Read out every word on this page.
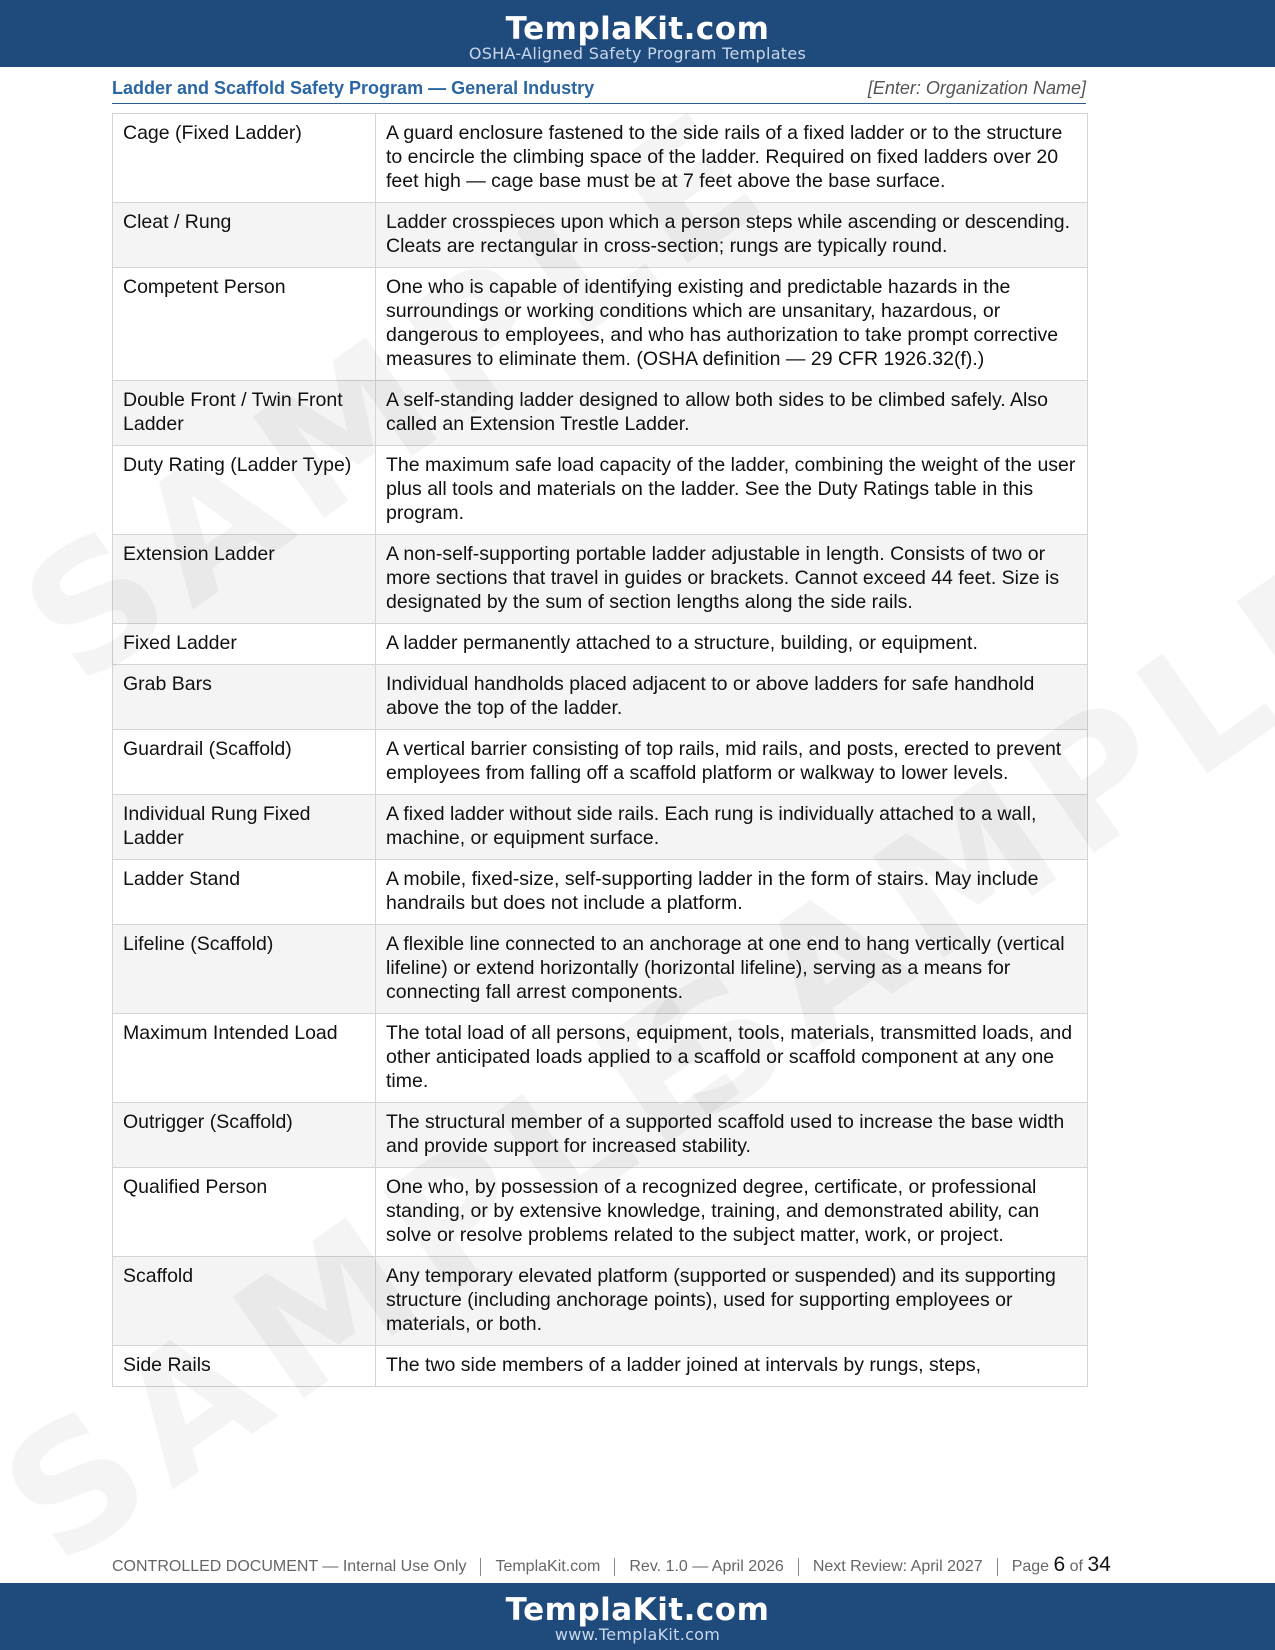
TemplaKit.com
OSHA-Aligned Safety Program Templates
Ladder and Scaffold Safety Program — General Industry	[Enter: Organization Name]
Cage (Fixed Ladder)	A guard enclosure fastened to the side rails of a fixed ladder or to the structure to encircle the climbing space of the ladder. Required on fixed ladders over 20 feet high — cage base must be at 7 feet above the base surface.
Cleat / Rung	Ladder crosspieces upon which a person steps while ascending or descending. Cleats are rectangular in cross-section; rungs are typically round.
Competent Person	One who is capable of identifying existing and predictable hazards in the surroundings or working conditions which are unsanitary, hazardous, or dangerous to employees, and who has authorization to take prompt corrective measures to eliminate them. (OSHA definition — 29 CFR 1926.32(f).)
Double Front / Twin Front Ladder	A self-standing ladder designed to allow both sides to be climbed safely. Also called an Extension Trestle Ladder.
Duty Rating (Ladder Type)	The maximum safe load capacity of the ladder, combining the weight of the user plus all tools and materials on the ladder. See the Duty Ratings table in this program.
Extension Ladder	A non-self-supporting portable ladder adjustable in length. Consists of two or more sections that travel in guides or brackets. Cannot exceed 44 feet. Size is designated by the sum of section lengths along the side rails.
Fixed Ladder	A ladder permanently attached to a structure, building, or equipment.
Grab Bars	Individual handholds placed adjacent to or above ladders for safe handhold above the top of the ladder.
Guardrail (Scaffold)	A vertical barrier consisting of top rails, mid rails, and posts, erected to prevent employees from falling off a scaffold platform or walkway to lower levels.
Individual Rung Fixed Ladder	A fixed ladder without side rails. Each rung is individually attached to a wall, machine, or equipment surface.
Ladder Stand	A mobile, fixed-size, self-supporting ladder in the form of stairs. May include handrails but does not include a platform.
Lifeline (Scaffold)	A flexible line connected to an anchorage at one end to hang vertically (vertical lifeline) or extend horizontally (horizontal lifeline), serving as a means for connecting fall arrest components.
Maximum Intended Load	The total load of all persons, equipment, tools, materials, transmitted loads, and other anticipated loads applied to a scaffold or scaffold component at any one time.
Outrigger (Scaffold)	The structural member of a supported scaffold used to increase the base width and provide support for increased stability.
Qualified Person	One who, by possession of a recognized degree, certificate, or professional standing, or by extensive knowledge, training, and demonstrated ability, can solve or resolve problems related to the subject matter, work, or project.
Scaffold	Any temporary elevated platform (supported or suspended) and its supporting structure (including anchorage points), used for supporting employees or materials, or both.
Side Rails	The two side members of a ladder joined at intervals by rungs, steps,
CONTROLLED DOCUMENT — Internal Use Only TemplaKit.com Rev. 1.0 — April 2026 Next Review: April 2027 Page 6 of 34
TemplaKit.com
www.TemplaKit.com
